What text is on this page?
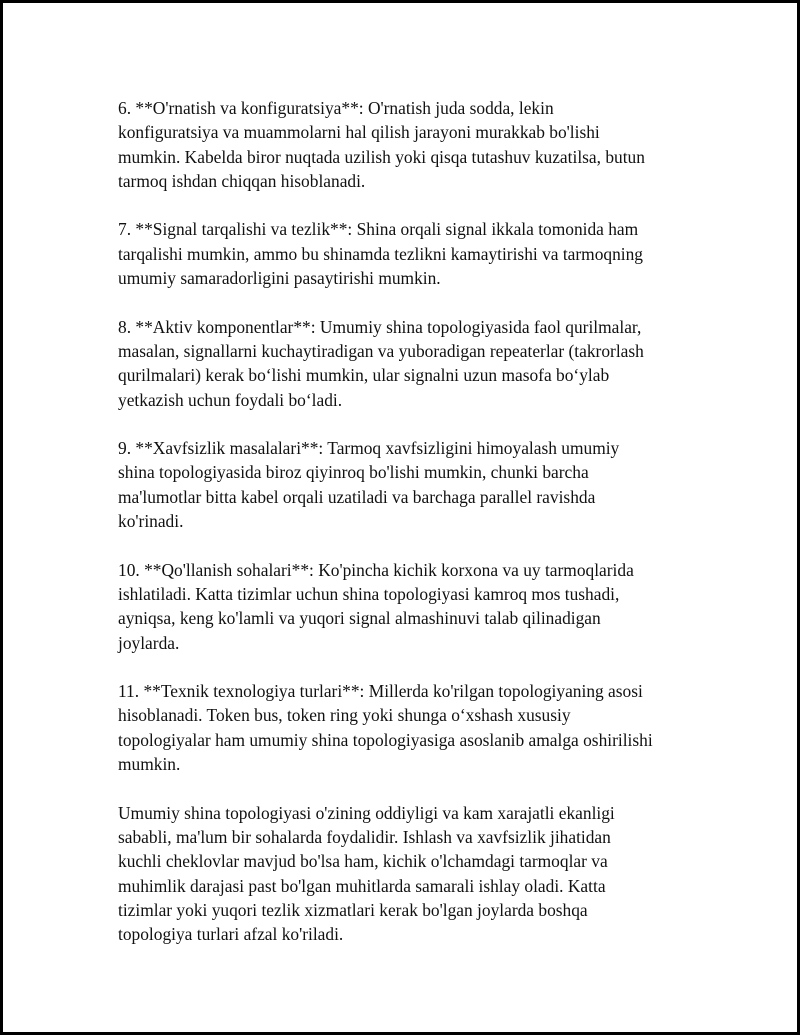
6. **O'rnatish va konfiguratsiya**: O'rnatish juda sodda, lekin
konfiguratsiya va muammolarni hal qilish jarayoni murakkab bo'lishi
mumkin. Kabelda biror nuqtada uzilish yoki qisqa tutashuv kuzatilsa, butun
tarmoq ishdan chiqqan hisoblanadi.

7. **Signal tarqalishi va tezlik**: Shina orqali signal ikkala tomonida ham
tarqalishi mumkin, ammo bu shinamda tezlikni kamaytirishi va tarmoqning
umumiy samaradorligini pasaytirishi mumkin.

8. **Aktiv komponentlar**: Umumiy shina topologiyasida faol qurilmalar,
masalan, signallarni kuchaytiradigan va yuboradigan repeaterlar (takrorlash
qurilmalari) kerak bo‘lishi mumkin, ular signalni uzun masofa bo‘ylab
yetkazish uchun foydali bo‘ladi.

9. **Xavfsizlik masalalari**: Tarmoq xavfsizligini himoyalash umumiy
shina topologiyasida biroz qiyinroq bo'lishi mumkin, chunki barcha
ma'lumotlar bitta kabel orqali uzatiladi va barchaga parallel ravishda
ko'rinadi.

10. **Qo'llanish sohalari**: Ko'pincha kichik korxona va uy tarmoqlarida
ishlatiladi. Katta tizimlar uchun shina topologiyasi kamroq mos tushadi,
ayniqsa, keng ko'lamli va yuqori signal almashinuvi talab qilinadigan
joylarda.

11. **Texnik texnologiya turlari**: Millerda ko'rilgan topologiyaning asosi
hisoblanadi. Token bus, token ring yoki shunga o‘xshash xususiy
topologiyalar ham umumiy shina topologiyasiga asoslanib amalga oshirilishi
mumkin.

Umumiy shina topologiyasi o'zining oddiyligi va kam xarajatli ekanligi
sababli, ma'lum bir sohalarda foydalidir. Ishlash va xavfsizlik jihatidan
kuchli cheklovlar mavjud bo'lsa ham, kichik o'lchamdagi tarmoqlar va
muhimlik darajasi past bo'lgan muhitlarda samarali ishlay oladi. Katta
tizimlar yoki yuqori tezlik xizmatlari kerak bo'lgan joylarda boshqa
topologiya turlari afzal ko'riladi.
